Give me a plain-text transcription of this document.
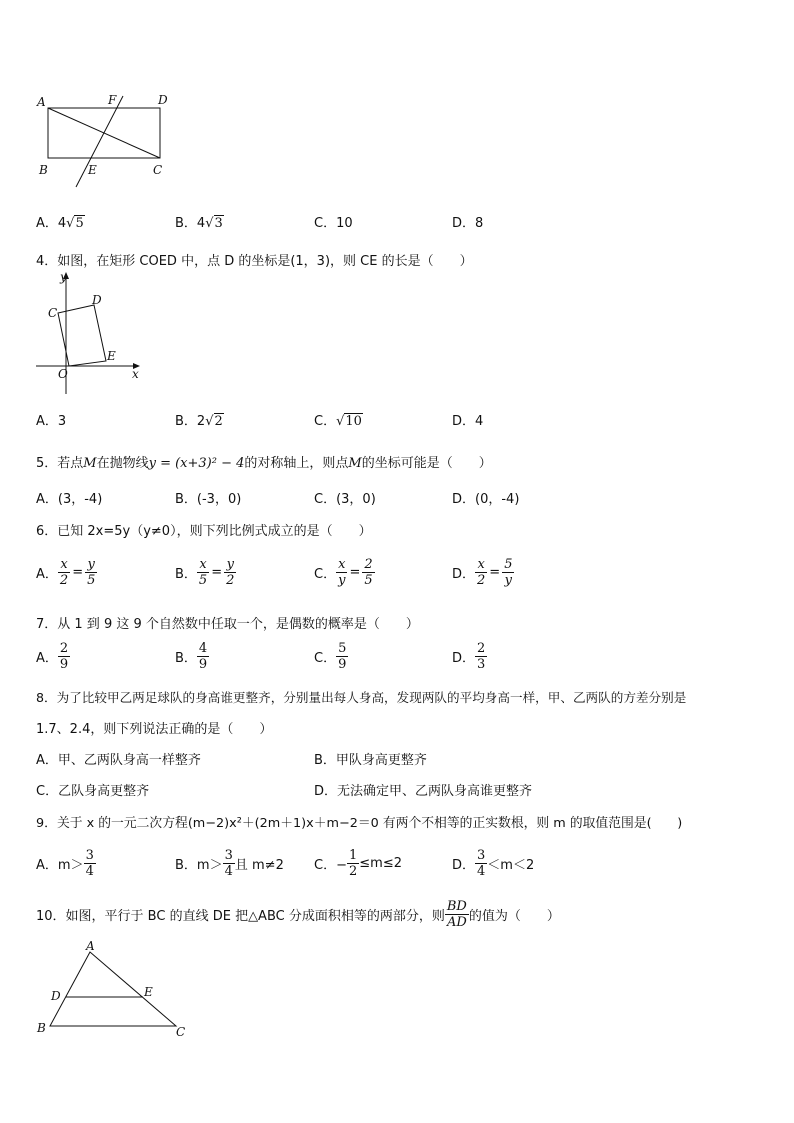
A	F	D
B	E	C
A．4√5	B．4√3	C．10	D．8
4．如图，在矩形 COED 中，点 D 的坐标是(1，3)，则 CE 的长是（　　）
y
x
O
C
D
E
A．3	B．2√2	C．√10	D．4
5．若点M在抛物线y = (x+3)² − 4的对称轴上，则点M的坐标可能是（　　）
A．(3，-4)	B．(-3，0)	C．(3，0)	D．(0，-4)
6．已知 2x=5y（y≠0），则下列比例式成立的是（　　）
A． $\frac{x}{2} = \frac{y}{5}$	B． $\frac{x}{5} = \frac{y}{2}$	C． $\frac{x}{y} = \frac{2}{5}$	D． $\frac{x}{2} = \frac{5}{y}$
7．从 1 到 9 这 9 个自然数中任取一个，是偶数的概率是（　　）
A． $\frac{2}{9}$	B． $\frac{4}{9}$	C． $\frac{5}{9}$	D． $\frac{2}{3}$
8．为了比较甲乙两足球队的身高谁更整齐，分别量出每人身高，发现两队的平均身高一样，甲、乙两队的方差分别是
1.7、2.4，则下列说法正确的是（　　）
A．甲、乙两队身高一样整齐	B．甲队身高更整齐
C．乙队身高更整齐	D．无法确定甲、乙两队身高谁更整齐
9．关于 x 的一元二次方程(m−2)x²＋(2m＋1)x＋m−2＝0 有两个不相等的正实数根，则 m 的取值范围是(　　)
A．$m> \frac{3}{4}$	B．$m> \frac{3}{4}$ 且 m≠2 C．− $\frac{1}{2} \le m\le 2$	D． $\frac{3}{4} <m<2$
10．如图，平行于 BC 的直线 DE 把△ABC 分成面积相等的两部分，则 $\frac{BD}{AD}$ 的值为（　　）
A
D	E
B	C
